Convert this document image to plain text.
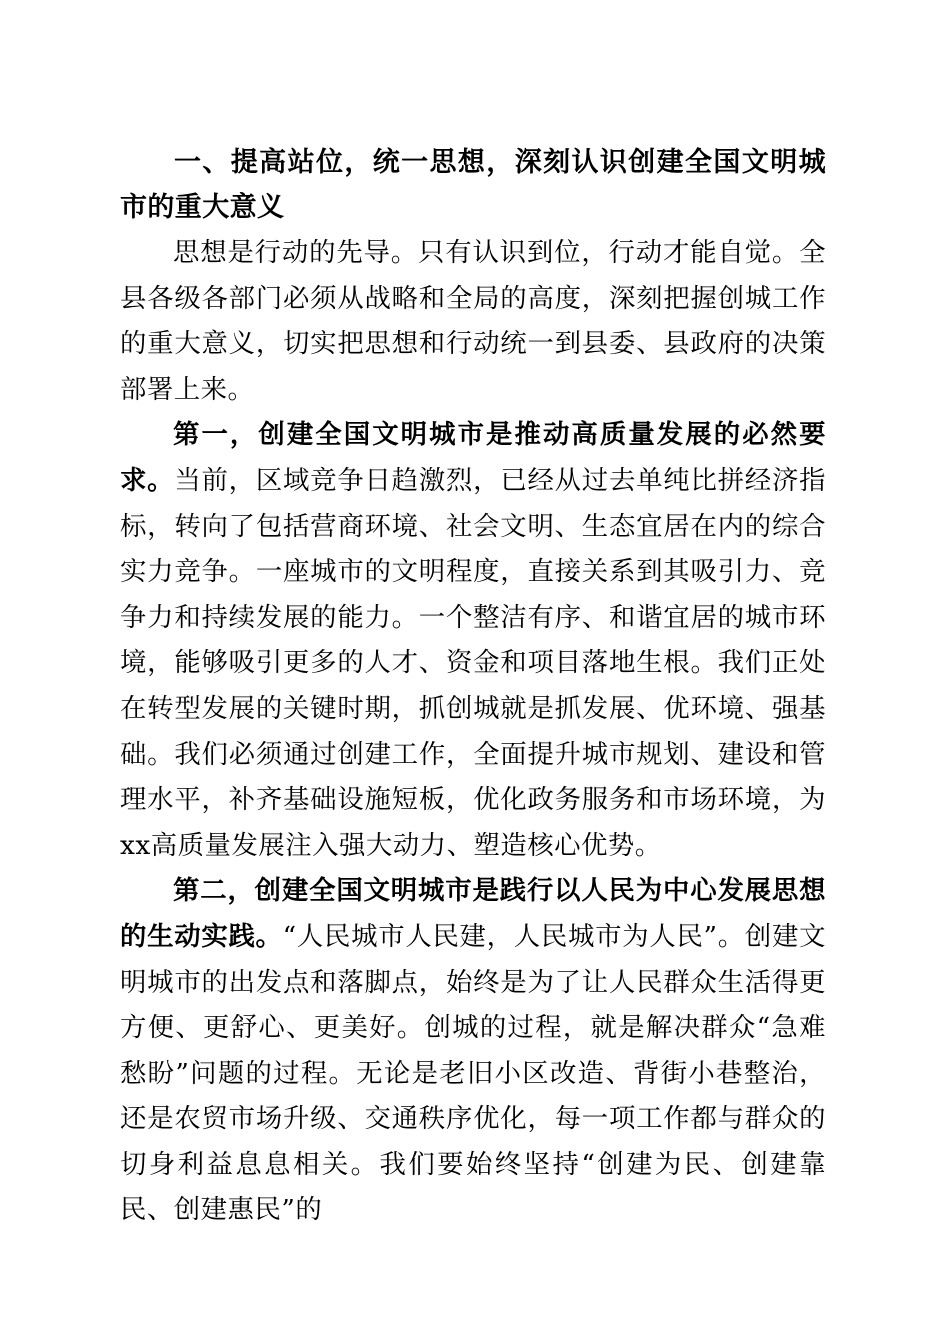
一、提高站位，统一思想，深刻认识创建全国文明城市的重大意义

思想是行动的先导。只有认识到位，行动才能自觉。全县各级各部门必须从战略和全局的高度，深刻把握创城工作的重大意义，切实把思想和行动统一到县委、县政府的决策部署上来。

第一，创建全国文明城市是推动高质量发展的必然要求。当前，区域竞争日趋激烈，已经从过去单纯比拼经济指标，转向了包括营商环境、社会文明、生态宜居在内的综合实力竞争。一座城市的文明程度，直接关系到其吸引力、竞争力和持续发展的能力。一个整洁有序、和谐宜居的城市环境，能够吸引更多的人才、资金和项目落地生根。我们正处在转型发展的关键时期，抓创城就是抓发展、优环境、强基础。我们必须通过创建工作，全面提升城市规划、建设和管理水平，补齐基础设施短板，优化政务服务和市场环境，为xx高质量发展注入强大动力、塑造核心优势。

第二，创建全国文明城市是践行以人民为中心发展思想的生动实践。“人民城市人民建，人民城市为人民”。创建文明城市的出发点和落脚点，始终是为了让人民群众生活得更方便、更舒心、更美好。创城的过程，就是解决群众“急难愁盼”问题的过程。无论是老旧小区改造、背街小巷整治，还是农贸市场升级、交通秩序优化，每一项工作都与群众的切身利益息息相关。我们要始终坚持“创建为民、创建靠民、创建惠民”的
